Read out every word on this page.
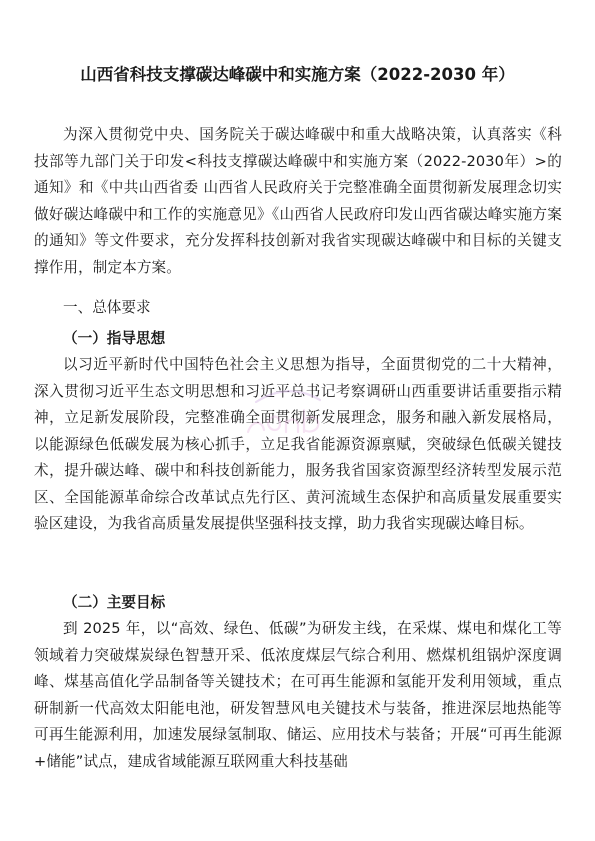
山西省科技支撑碳达峰碳中和实施方案（2022-2030 年）
为深入贯彻党中央、国务院关于碳达峰碳中和重大战略决策，认真落实《科技部等九部门关于印发<科技支撑碳达峰碳中和实施方案（2022-2030年）>的通知》和《中共山西省委 山西省人民政府关于完整准确全面贯彻新发展理念切实做好碳达峰碳中和工作的实施意见》《山西省人民政府印发山西省碳达峰实施方案的通知》等文件要求，充分发挥科技创新对我省实现碳达峰碳中和目标的关键支撑作用，制定本方案。
一、总体要求
（一）指导思想
以习近平新时代中国特色社会主义思想为指导，全面贯彻党的二十大精神，深入贯彻习近平生态文明思想和习近平总书记考察调研山西重要讲话重要指示精神，立足新发展阶段，完整准确全面贯彻新发展理念，服务和融入新发展格局，以能源绿色低碳发展为核心抓手，立足我省能源资源禀赋，突破绿色低碳关键技术，提升碳达峰、碳中和科技创新能力，服务我省国家资源型经济转型发展示范区、全国能源革命综合改革试点先行区、黄河流域生态保护和高质量发展重要实验区建设，为我省高质量发展提供坚强科技支撑，助力我省实现碳达峰目标。
（二）主要目标
到 2025 年，以“高效、绿色、低碳”为研发主线，在采煤、煤电和煤化工等领域着力突破煤炭绿色智慧开采、低浓度煤层气综合利用、燃煤机组锅炉深度调峰、煤基高值化学品制备等关键技术；在可再生能源和氢能开发利用领域，重点研制新一代高效太阳能电池，研发智慧风电关键技术与装备，推进深层地热能等可再生能源利用，加速发展绿氢制取、储运、应用技术与装备；开展“可再生能源+储能”试点，建成省域能源互联网重大科技基础
